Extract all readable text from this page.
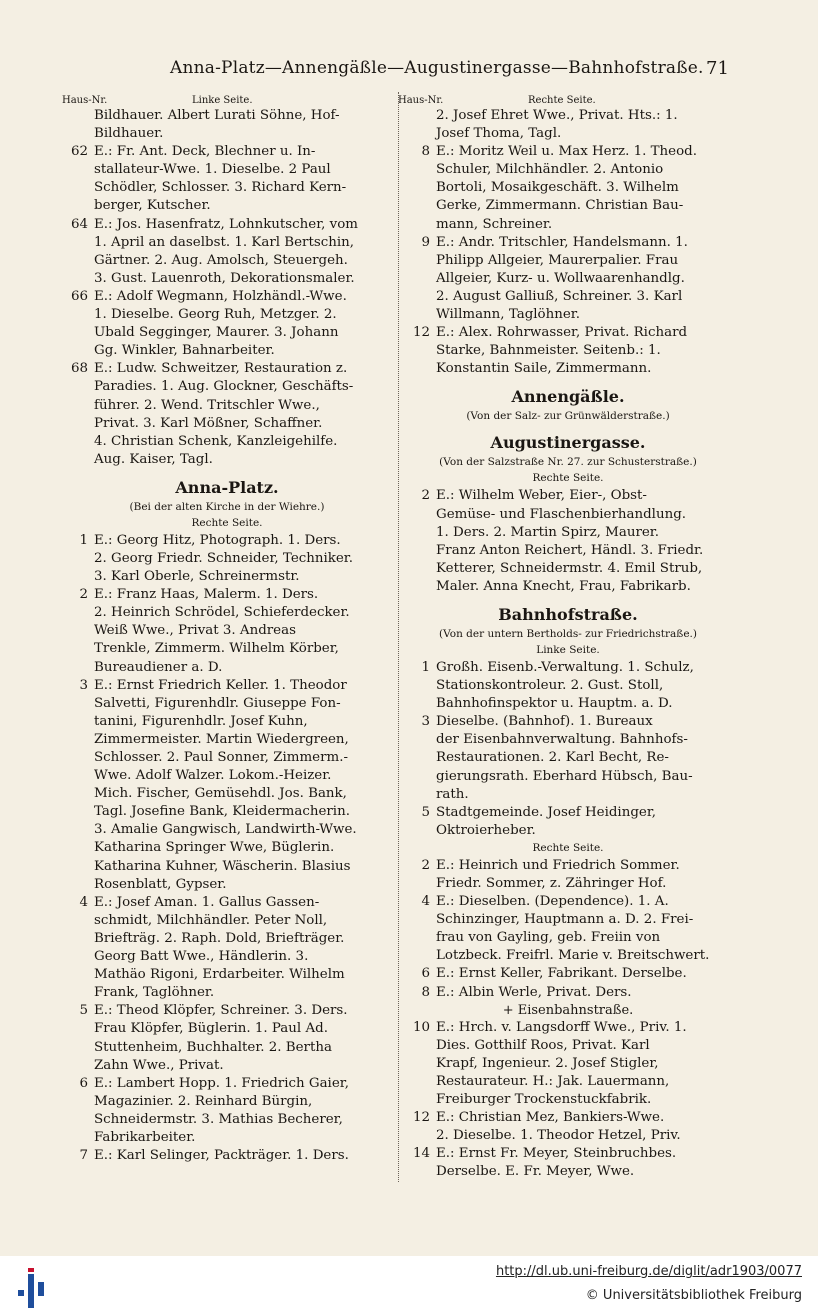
Anna-Platz—Annengäßle—Augustinergasse—Bahnhofstraße. 71
Haus-Nr.	Linke Seite.
Bildhauer. Albert Lurati Söhne, Hof-
Bildhauer.
62 E.: Fr. Ant. Deck, Blechner u. In-
stallateur-Wwe. 1. Dieselbe. 2 Paul
Schödler, Schlosser. 3. Richard Kern-
berger, Kutscher.
64 E.: Jos. Hasenfratz, Lohnkutscher, vom
1. April an daselbst. 1. Karl Bertschin,
Gärtner. 2. Aug. Amolsch, Steuergeh.
3. Gust. Lauenroth, Dekorationsmaler.
66 E.: Adolf Wegmann, Holzhändl.-Wwe.
1. Dieselbe. Georg Ruh, Metzger. 2.
Ubald Segginger, Maurer. 3. Johann
Gg. Winkler, Bahnarbeiter.
68 E.: Ludw. Schweitzer, Restauration z.
Paradies. 1. Aug. Glockner, Geschäfts-
führer. 2. Wend. Tritschler Wwe.,
Privat. 3. Karl Mößner, Schaffner.
4. Christian Schenk, Kanzleigehilfe.
Aug. Kaiser, Tagl.
Anna-Platz.
(Bei der alten Kirche in der Wiehre.)
Rechte Seite.
1 E.: Georg Hitz, Photograph. 1. Ders.
2. Georg Friedr. Schneider, Techniker.
3. Karl Oberle, Schreinermstr.
2 E.: Franz Haas, Malerm. 1. Ders.
2. Heinrich Schrödel, Schieferdecker.
Weiß Wwe., Privat 3. Andreas
Trenkle, Zimmerm. Wilhelm Körber,
Bureaudiener a. D.
3 E.: Ernst Friedrich Keller. 1. Theodor
Salvetti, Figurenhdlr. Giuseppe Fon-
tanini, Figurenhdlr. Josef Kuhn,
Zimmermeister. Martin Wiedergreen,
Schlosser. 2. Paul Sonner, Zimmerm.-
Wwe. Adolf Walzer. Lokom.-Heizer.
Mich. Fischer, Gemüsehdl. Jos. Bank,
Tagl. Josefine Bank, Kleidermacherin.
3. Amalie Gangwisch, Landwirth-Wwe.
Katharina Springer Wwe, Büglerin.
Katharina Kuhner, Wäscherin. Blasius
Rosenblatt, Gypser.
4 E.: Josef Aman. 1. Gallus Gassen-
schmidt, Milchhändler. Peter Noll,
Briefträg. 2. Raph. Dold, Briefträger.
Georg Batt Wwe., Händlerin. 3.
Mathäo Rigoni, Erdarbeiter. Wilhelm
Frank, Taglöhner.
5 E.: Theod Klöpfer, Schreiner. 3. Ders.
Frau Klöpfer, Büglerin. 1. Paul Ad.
Stuttenheim, Buchhalter. 2. Bertha
Zahn Wwe., Privat.
6 E.: Lambert Hopp. 1. Friedrich Gaier,
Magazinier. 2. Reinhard Bürgin,
Schneidermstr. 3. Mathias Becherer,
Fabrikarbeiter.
7 E.: Karl Selinger, Packträger. 1. Ders.
Haus-Nr.	Rechte Seite.
2. Josef Ehret Wwe., Privat. Hts.: 1.
Josef Thoma, Tagl.
8 E.: Moritz Weil u. Max Herz. 1. Theod.
Schuler, Milchhändler. 2. Antonio
Bortoli, Mosaikgeschäft. 3. Wilhelm
Gerke, Zimmermann. Christian Bau-
mann, Schreiner.
9 E.: Andr. Tritschler, Handelsmann. 1.
Philipp Allgeier, Maurerpalier. Frau
Allgeier, Kurz- u. Wollwaarenhandlg.
2. August Galliuß, Schreiner. 3. Karl
Willmann, Taglöhner.
12 E.: Alex. Rohrwasser, Privat. Richard
Starke, Bahnmeister. Seitenb.: 1.
Konstantin Saile, Zimmermann.
Annengäßle.
(Von der Salz- zur Grünwälderstraße.)
Augustinergasse.
(Von der Salzstraße Nr. 27. zur Schusterstraße.)
Rechte Seite.
2 E.: Wilhelm Weber, Eier-, Obst-
Gemüse- und Flaschenbierhandlung.
1. Ders. 2. Martin Spirz, Maurer.
Franz Anton Reichert, Händl. 3. Friedr.
Ketterer, Schneidermstr. 4. Emil Strub,
Maler. Anna Knecht, Frau, Fabrikarb.
Bahnhofstraße.
(Von der untern Bertholds- zur Friedrichstraße.)
Linke Seite.
1 Großh. Eisenb.-Verwaltung. 1. Schulz,
Stationskontroleur. 2. Gust. Stoll,
Bahnhofinspektor u. Hauptm. a. D.
3 Dieselbe. (Bahnhof). 1. Bureaux
der Eisenbahnverwaltung. Bahnhofs-
Restaurationen. 2. Karl Becht, Re-
gierungsrath. Eberhard Hübsch, Bau-
rath.
5 Stadtgemeinde. Josef Heidinger,
Oktroierheber.
Rechte Seite.
2 E.: Heinrich und Friedrich Sommer.
Friedr. Sommer, z. Zähringer Hof.
4 E.: Dieselben. (Dependence). 1. A.
Schinzinger, Hauptmann a. D. 2. Frei-
frau von Gayling, geb. Freiin von
Lotzbeck. Freifrl. Marie v. Breitschwert.
6 E.: Ernst Keller, Fabrikant. Derselbe.
8 E.: Albin Werle, Privat. Ders.
+ Eisenbahnstraße.
10 E.: Hrch. v. Langsdorff Wwe., Priv. 1.
Dies. Gotthilf Roos, Privat. Karl
Krapf, Ingenieur. 2. Josef Stigler,
Restaurateur. H.: Jak. Lauermann,
Freiburger Trockenstuckfabrik.
12 E.: Christian Mez, Bankiers-Wwe.
2. Dieselbe. 1. Theodor Hetzel, Priv.
14 E.: Ernst Fr. Meyer, Steinbruchbes.
Derselbe. E. Fr. Meyer, Wwe.
http://dl.ub.uni-freiburg.de/diglit/adr1903/0077
© Universitätsbibliothek Freiburg
